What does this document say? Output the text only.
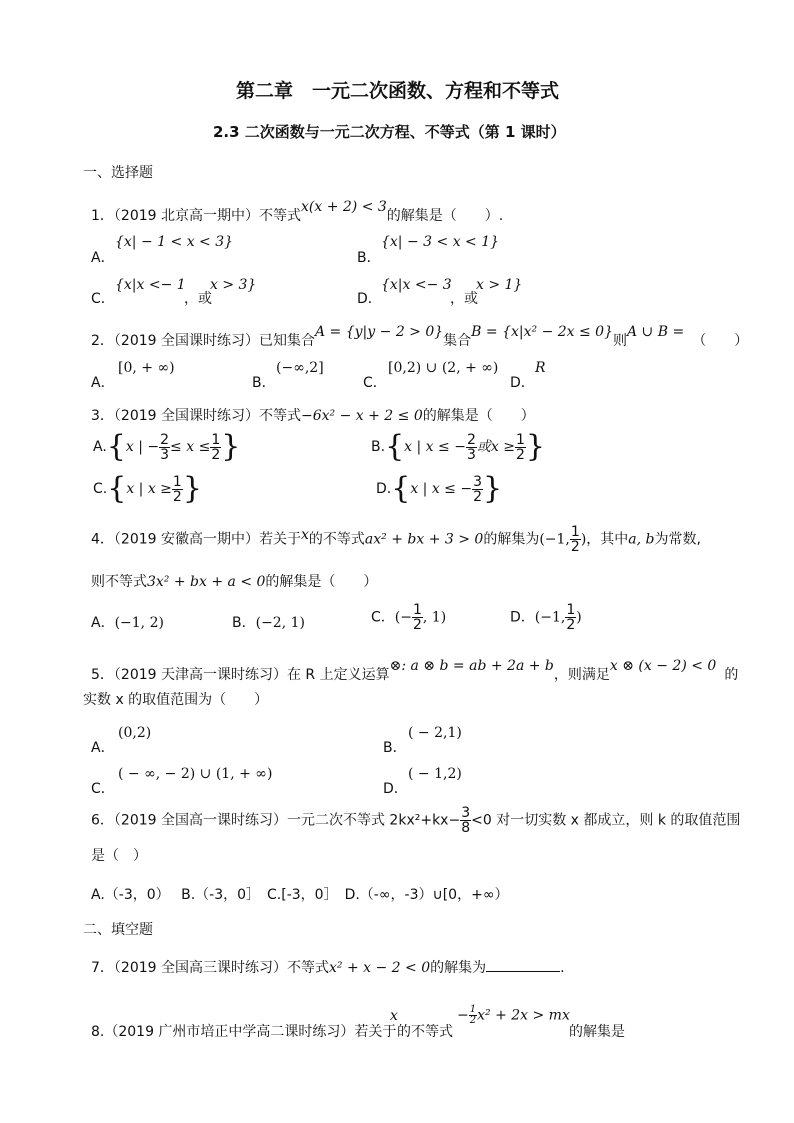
第二章　一元二次函数、方程和不等式
2.3 二次函数与一元二次方程、不等式（第 1 课时）
一、选择题
1．（2019 北京高一期中）不等式x(x + 2) < 3的解集是（　　）.
A．
{x| − 1 < x < 3}
B．
{x| − 3 < x < 1}
C．
{x|x <− 1
，或
x > 3}
D．
{x|x <− 3
，或
x > 1}
2．（2019 全国课时练习）已知集合A = {y|y − 2 > 0}集合B = {x|x² − 2x ≤ 0}则A ∪ B =（　　）
A．
[0, + ∞)
B．
(−∞,2]
C．
[0,2) ∪ (2, + ∞)
D．
R
3．（2019 全国课时练习）不等式−6x² − x + 2 ≤ 0的解集是（　　）
A.{x | − $\frac{2}{3} \le x \le \frac{1}{2}$ }	B.{x | x ≤ − $\frac{2}{3}$ 或$x \ge \frac{1}{2}$ }
C.{x | $x \ge \frac{1}{2}$ }	D.{x | x ≤ − $\frac{3}{2}$ }
4．（2019 安徽高一期中）若关于x的不等式ax² + bx + 3 > 0的解集为(−1, $\frac{1}{2}$ )，其中a, b为常数,
则不等式3x² + bx + a < 0的解集是（　　）
A．(−1, 2)	B．(−2, 1)	C．(− $\frac{1}{2}$ , 1)	D．(−1, $\frac{1}{2}$ )
5．（2019 天津高一课时练习）在 R 上定义运算⊗: a ⊗ b = ab + 2a + b，则满足x ⊗ (x − 2) < 0的
实数 x 的取值范围为（　　）
A．
(0,2)
B．
( − 2,1)
C．
( − ∞, − 2) ∪ (1, + ∞)
D．
( − 1,2)
6．（2019 全国高一课时练习）一元二次不等式 $2kx^2+kx- \frac{3}{8} <0$ 对一切实数 x 都成立，则 k 的取值范围
是（　）
A.（-3，0）　 B.（-3，0］　C.[-3，0］　D.（-∞，-3）∪[0，+∞）
二、填空题
7．（2019 全国高三课时练习）不等式x² + x − 2 < 0的解集为	.
8.（2019 广州市培正中学高二课时练习）若关于
x
的不等式
− $\frac{1}{2} x^2 + 2x$ > mx
的解集是
